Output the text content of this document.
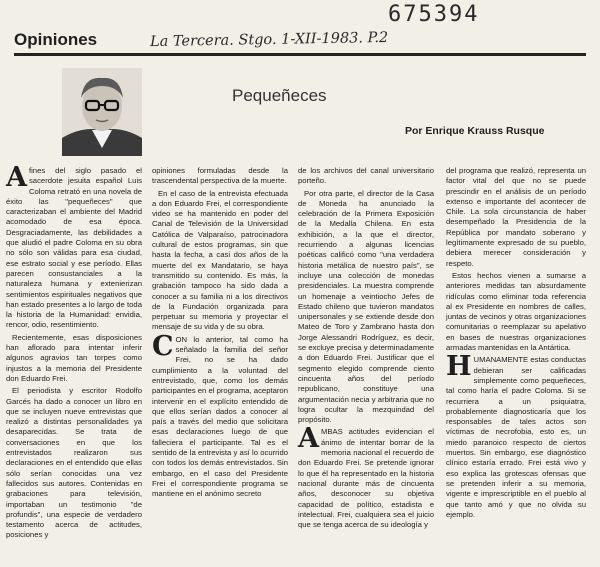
675394
La Tercera. Stgo. 1-XII-1983. P.2
Opiniones
Pequeñeces
Por Enrique Krauss Rusque

Afines del siglo pasado el sacerdote jesuita español Luis Coloma retrató en una novela de éxito las "pequeñeces" que caracterizaban el ambiente del Madrid acomodado de esa época. Desgraciadamente, las debilidades a que aludió el padre Coloma en su obra no sólo son válidas para esa ciudad, ese estrato social y ese período. Ellas parecen consustanciales a la naturaleza humana y extenierizan sentimientos espirituales negativos que han estado presentes a lo largo de toda la historia de la Humanidad: envidia, rencor, odio, resentimiento.

Recientemente, esas disposiciones han aflorado para intentar inferir algunos agravios tan torpes como injustos a la memoria del Presidente don Eduardo Frei.

El periodista y escritor Rodolfo Garcés ha dado a conocer un libro en que se incluyen nueve entrevistas que realizó a distintas personalidades ya desaparecidas. Se trata de conversaciones en que los entrevistados realizaron sus declaraciones en el entendido que ellas sólo serían conocidas una vez fallecidos sus autores. Contenidas en grabaciones para televisión, importaban un testimonio "de profundis", una especie de verdadero testamento acerca de actitudes, posiciones y

opiniones formuladas desde la trascendental perspectiva de la muerte.

En el caso de la entrevista efectuada a don Eduardo Frei, el correspondiente video se ha mantenido en poder del Canal de Televisión de la Universidad Católica de Valparaíso, patrocinadora cultural de estos programas, sin que hasta la fecha, a casi dos años de la muerte del ex Mandatario, se haya transmitido su contenido. Es más, la grabación tampoco ha sido dada a conocer a su familia ni a los directivos de la Fundación organizada para perpetuar su memoria y proyectar el mensaje de su vida y de su obra.

CON lo anterior, tal como ha señalado la familia del señor Frei, no se ha dado cumplimiento a la voluntad del entrevistado, que, como los demás participantes en el programa, aceptaron intervenir en el explícito entendido de que ellos serían dados a conocer al país a través del medio que solicitara esas declaraciones luego de que falleciera el participante. Tal es el sentido de la entrevista y así lo ocurrido con todos los demás entrevistados. Sin embargo, en el caso del Presidente Frei el correspondiente programa se mantiene en el anónimo secreto

de los archivos del canal universitario porteño.

Por otra parte, el director de la Casa de Moneda ha anunciado la celebración de la Primera Exposición de la Medalla Chilena. En esta exhibición, a la que el director, recurriendo a algunas licencias poéticas calificó como "una verdadera historia metálica de nuestro país", se incluye una colección de monedas presidenciales. La muestra comprende un homenaje a veintiocho Jefes de Estado chileno que tuvieron mandatos unipersonales y se extiende desde don Mateo de Toro y Zambrano hasta don Jorge Alessandri Rodríguez, es decir, se excluye precisa y determinadamente a don Eduardo Frei. Justificar que el segmento elegido comprende ciento cincuenta años del período republicano, constituye una argumentación necia y arbitraria que no logra ocultar la mezquindad del propósito.

AMBAS actitudes evidencian el ánimo de intentar borrar de la memoria nacional el recuerdo de don Eduardo Frei. Se pretende ignorar lo que él ha representado en la historia nacional durante más de cincuenta años, desconocer su objetiva capacidad de político, estadista e intelectual. Frei, cualquiera sea el juicio que se tenga acerca de su ideología y

del programa que realizó, representa un factor vital del que no se puede prescindir en el análisis de un período extenso e importante del acontecer de Chile. La sola circunstancia de haber desempeñado la Presidencia de la República por mandato soberano y legítimamente expresado de su pueblo, debiera merecer consideración y respeto.

Estos hechos vienen a sumarse a anteriores medidas tan absurdamente ridículas como eliminar toda referencia al ex Presidente en nombres de calles, juntas de vecinos y otras organizaciones comunitarias o reemplazar su apelativo en bases de nuestras organizaciones armadas mantenidas en la Antártica.

HUMANAMENTE estas conductas debieran ser calificadas simplemente como pequeñeces, tal como haría el padre Coloma. Si se recurriera a un psiquiatra, probablemente diagnosticaría que los responsables de tales actos son víctimas de necrofobia, esto es, un miedo paranoico respecto de ciertos muertos. Sin embargo, ese diagnóstico clínico estaría errado. Frei está vivo y eso explica las grotescas ofensas que se pretenden inferir a su memoria, vigente e imprescriptible en el pueblo al que tanto amó y que no olvida su ejemplo.
